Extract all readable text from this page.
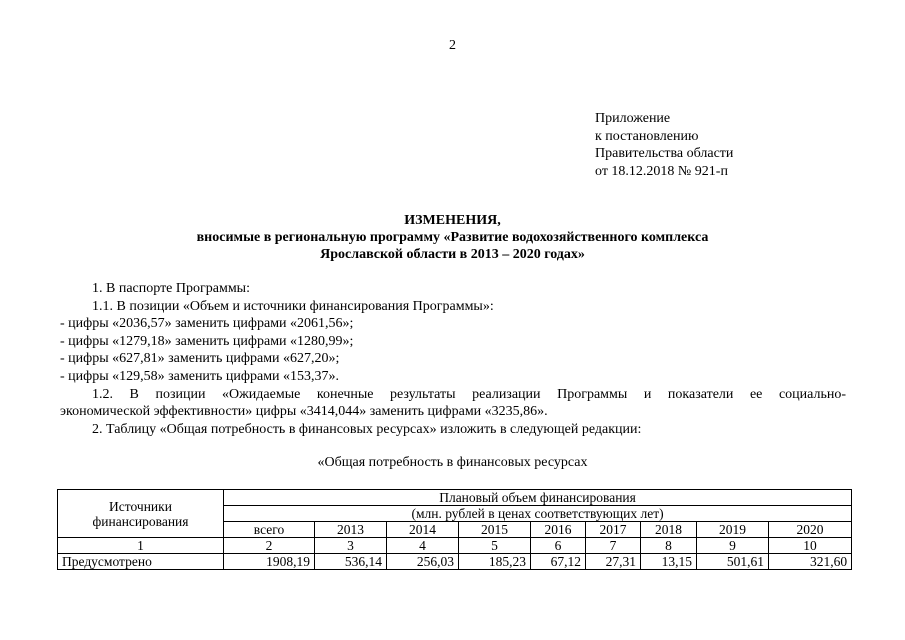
2
Приложение
к постановлению
Правительства области
от 18.12.2018 № 921-п
ИЗМЕНЕНИЯ,
вносимые в региональную программу «Развитие водохозяйственного комплекса
Ярославской области в 2013 – 2020 годах»
1. В паспорте Программы:
1.1. В позиции «Объем и источники финансирования Программы»:
- цифры «2036,57» заменить цифрами «2061,56»;
- цифры «1279,18» заменить цифрами «1280,99»;
- цифры «627,81» заменить цифрами «627,20»;
- цифры «129,58» заменить цифрами «153,37».
1.2. В позиции «Ожидаемые конечные результаты реализации Программы и показатели ее социально-
экономической эффективности» цифры «3414,044» заменить цифрами «3235,86».
2. Таблицу «Общая потребность в финансовых ресурсах» изложить в следующей редакции:
«Общая потребность в финансовых ресурсах
Источники
финансирования	Плановый объем финансирования								
	(млн. рублей в ценах соответствующих лет)								
	всего	2013	2014	2015	2016	2017	2018	2019	2020
1	2	3	4	5	6	7	8	9	10
Предусмотрено	1908,19	536,14	256,03	185,23	67,12	27,31	13,15	501,61	321,60
